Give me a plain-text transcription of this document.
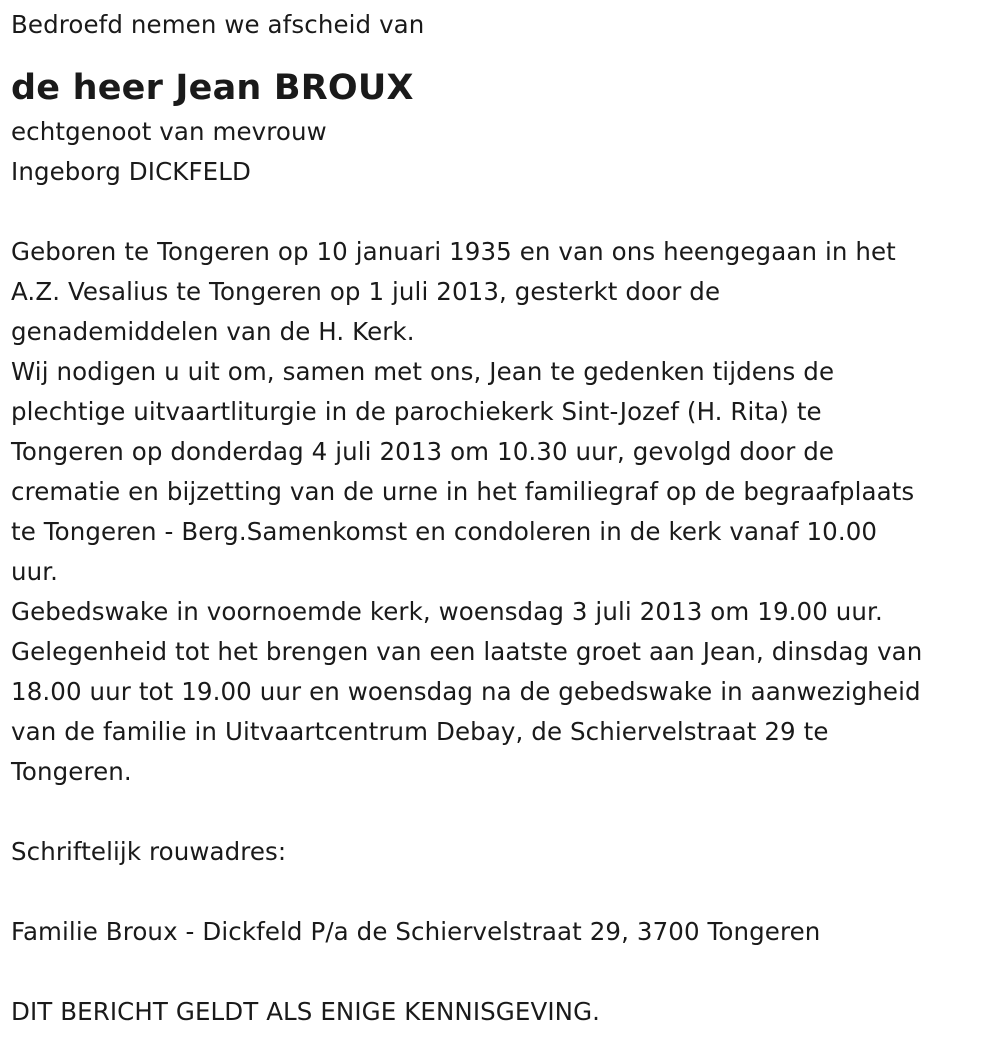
Bedroefd nemen we afscheid van

de heer Jean BROUX

echtgenoot van mevrouw

Ingeborg DICKFELD

Geboren te Tongeren op 10 januari 1935 en van ons heengegaan in het

A.Z. Vesalius te Tongeren op 1 juli 2013, gesterkt door de

genademiddelen van de H. Kerk.

Wij nodigen u uit om, samen met ons, Jean te gedenken tijdens de

plechtige uitvaartliturgie in de parochiekerk Sint-Jozef (H. Rita) te

Tongeren op donderdag 4 juli 2013 om 10.30 uur, gevolgd door de

crematie en bijzetting van de urne in het familiegraf op de begraafplaats

te Tongeren - Berg.Samenkomst en condoleren in de kerk vanaf 10.00

uur.

Gebedswake in voornoemde kerk, woensdag 3 juli 2013 om 19.00 uur.

Gelegenheid tot het brengen van een laatste groet aan Jean, dinsdag van

18.00 uur tot 19.00 uur en woensdag na de gebedswake in aanwezigheid

van de familie in Uitvaartcentrum Debay, de Schiervelstraat 29 te

Tongeren.

Schriftelijk rouwadres:

Familie Broux - Dickfeld P/a de Schiervelstraat 29, 3700 Tongeren

DIT BERICHT GELDT ALS ENIGE KENNISGEVING.
